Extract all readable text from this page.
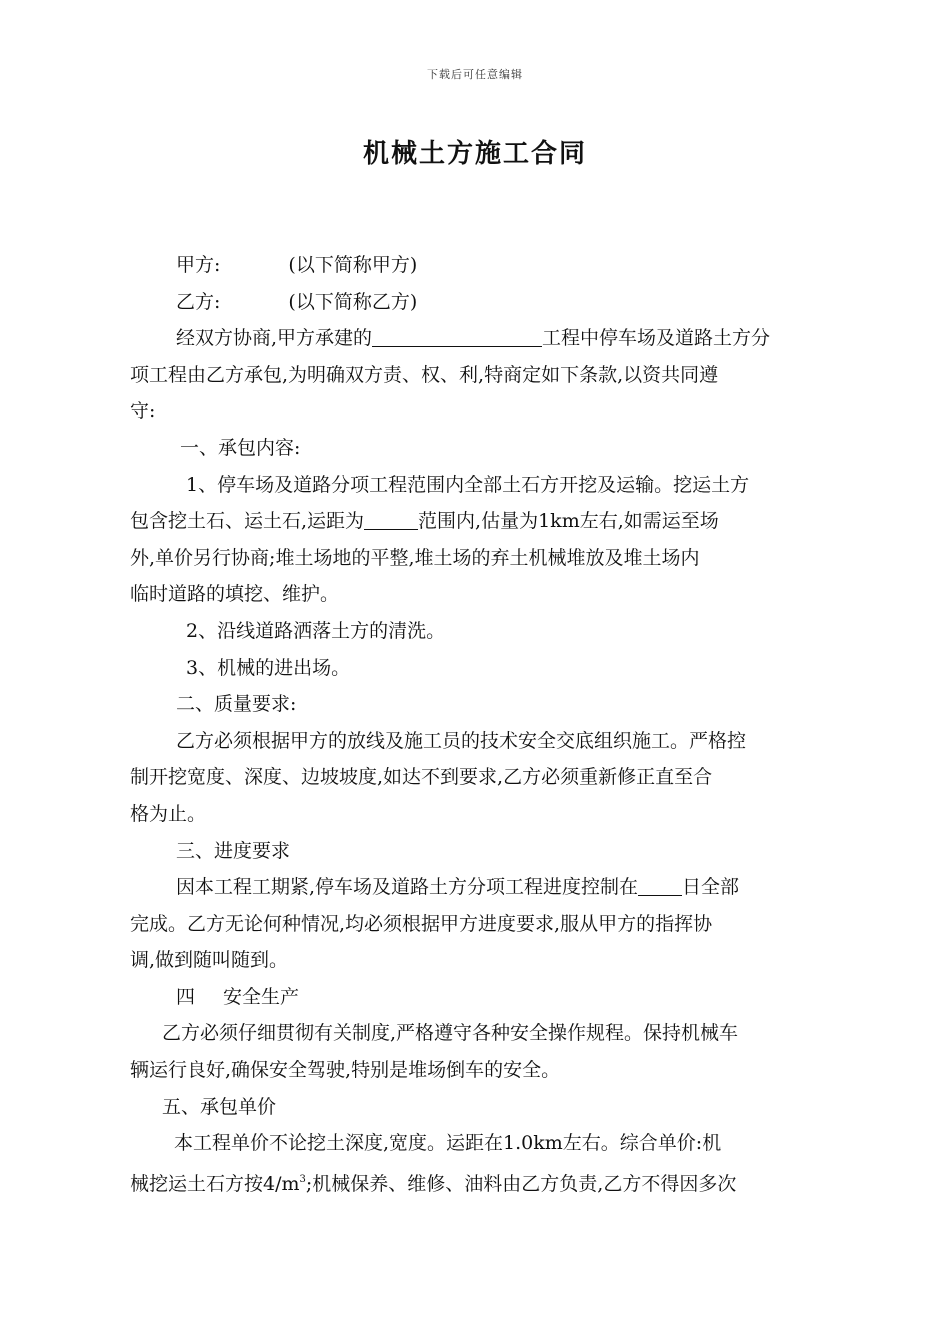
下载后可任意编辑
机械土方施工合同
甲方:	(以下简称甲方)
乙方:	(以下简称乙方)
经双方协商,甲方承建的	工程中停车场及道路土方分
项工程由乙方承包,为明确双方责、权、利,特商定如下条款,以资共同遵
守:
一、承包内容:
1、停车场及道路分项工程范围内全部土石方开挖及运输。挖运土方
包含挖土石、运土石,运距为	范围内,估量为1km左右,如需运至场
外,单价另行协商;堆土场地的平整,堆土场的弃土机械堆放及堆土场内
临时道路的填挖、维护。
2、沿线道路洒落土方的清洗。
3、机械的进出场。
二、质量要求:
乙方必须根据甲方的放线及施工员的技术安全交底组织施工。严格控
制开挖宽度、深度、边坡坡度,如达不到要求,乙方必须重新修正直至合
格为止。
三、进度要求
因本工程工期紧,停车场及道路土方分项工程进度控制在 日全部
完成。乙方无论何种情况,均必须根据甲方进度要求,服从甲方的指挥协
调,做到随叫随到。
四 安全生产
乙方必须仔细贯彻有关制度,严格遵守各种安全操作规程。保持机械车
辆运行良好,确保安全驾驶,特别是堆场倒车的安全。
五、承包单价
本工程单价不论挖土深度,宽度。运距在1.0km左右。综合单价:机
械挖运土石方按$4/m^3$;机械保养、维修、油料由乙方负责,乙方不得因多次
